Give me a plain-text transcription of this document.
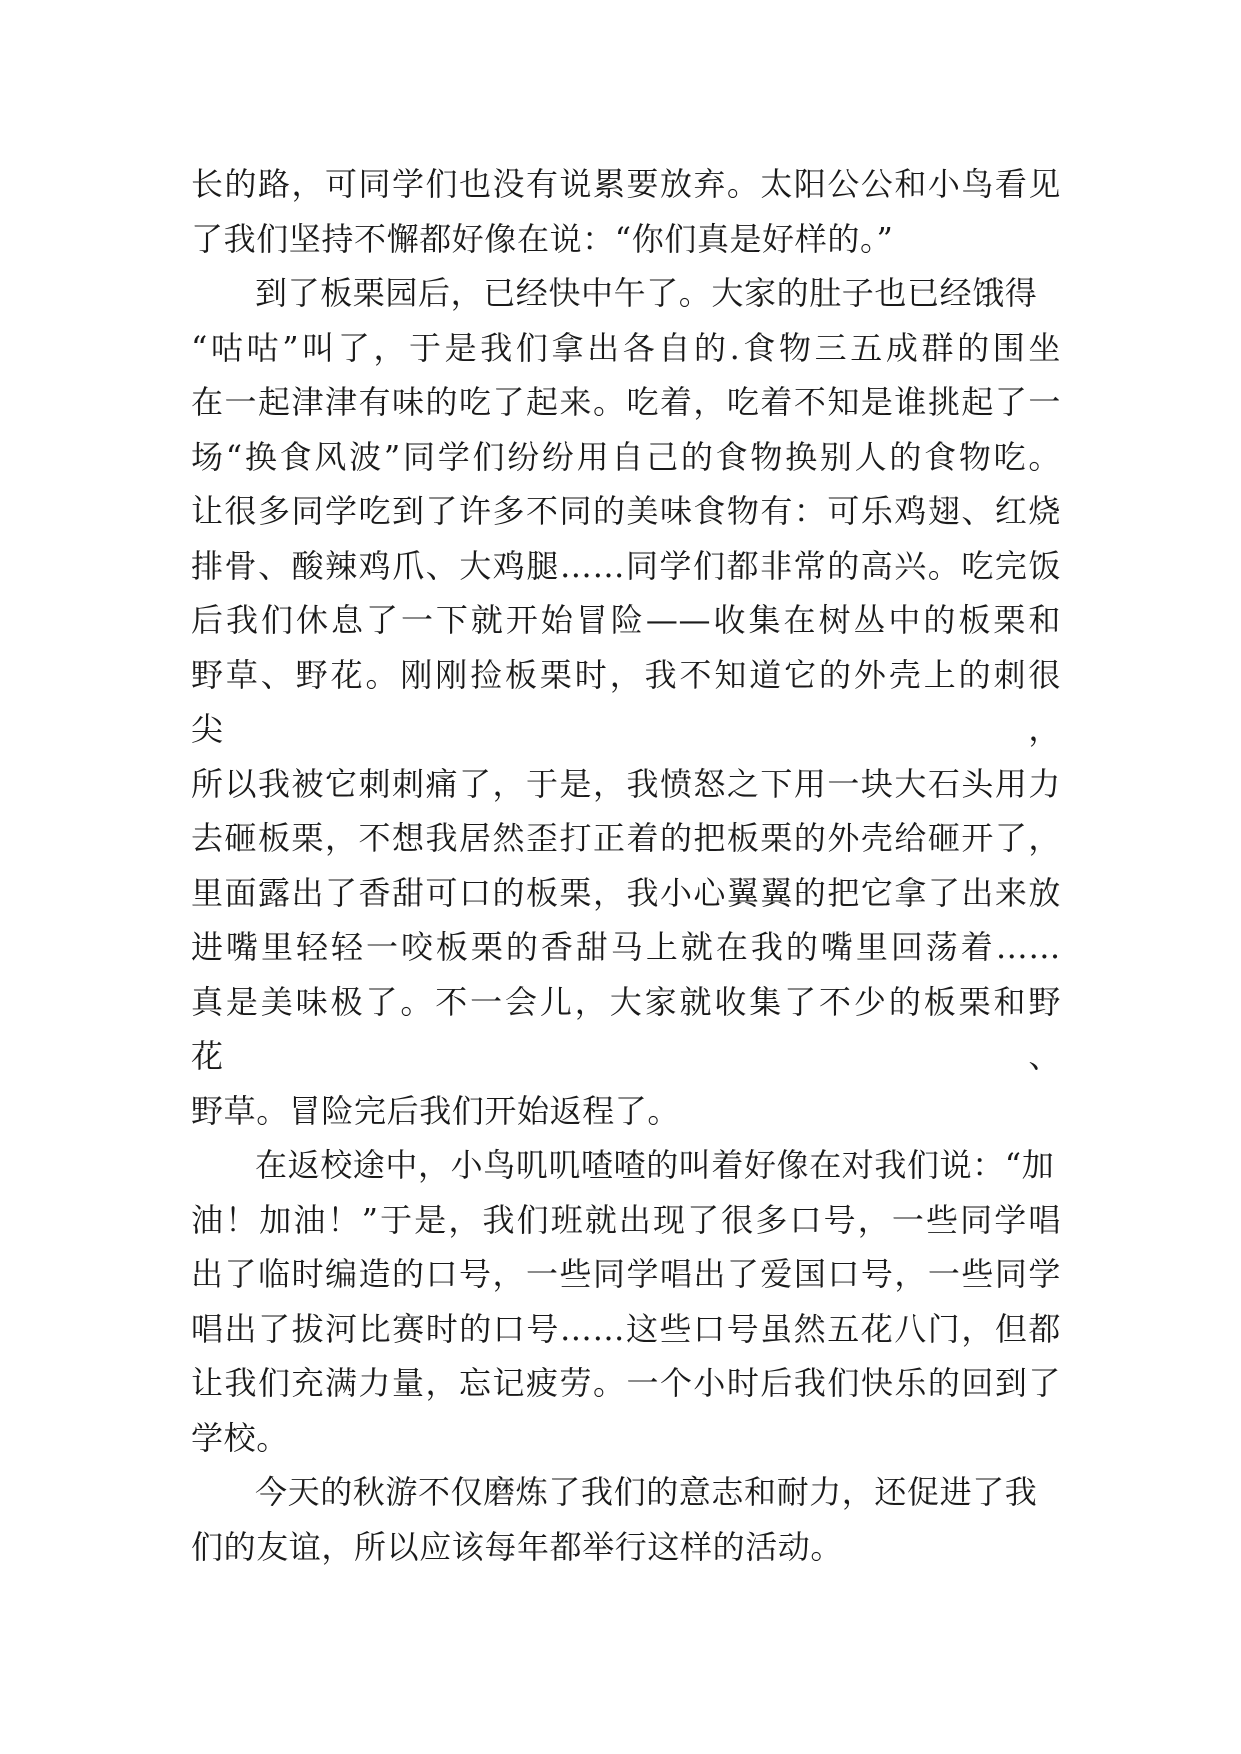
长的路，可同学们也没有说累要放弃。太阳公公和小鸟看见
了我们坚持不懈都好像在说：“你们真是好样的。”

到了板栗园后，已经快中午了。大家的肚子也已经饿得
“咕咕”叫了，于是我们拿出各自的.食物三五成群的围坐
在一起津津有味的吃了起来。吃着，吃着不知是谁挑起了一
场“换食风波”同学们纷纷用自己的食物换别人的食物吃。
让很多同学吃到了许多不同的美味食物有：可乐鸡翅、红烧
排骨、酸辣鸡爪、大鸡腿……同学们都非常的高兴。吃完饭
后我们休息了一下就开始冒险——收集在树丛中的板栗和
野草、野花。刚刚捡板栗时，我不知道它的外壳上的刺很尖，
所以我被它刺刺痛了，于是，我愤怒之下用一块大石头用力
去砸板栗，不想我居然歪打正着的把板栗的外壳给砸开了，
里面露出了香甜可口的板栗，我小心翼翼的把它拿了出来放
进嘴里轻轻一咬板栗的香甜马上就在我的嘴里回荡着……
真是美味极了。不一会儿，大家就收集了不少的板栗和野花、
野草。冒险完后我们开始返程了。

在返校途中，小鸟叽叽喳喳的叫着好像在对我们说：“加
油！加油！”于是，我们班就出现了很多口号，一些同学唱
出了临时编造的口号，一些同学唱出了爱国口号，一些同学
唱出了拔河比赛时的口号……这些口号虽然五花八门，但都
让我们充满力量，忘记疲劳。一个小时后我们快乐的回到了
学校。

今天的秋游不仅磨炼了我们的意志和耐力，还促进了我
们的友谊，所以应该每年都举行这样的活动。
